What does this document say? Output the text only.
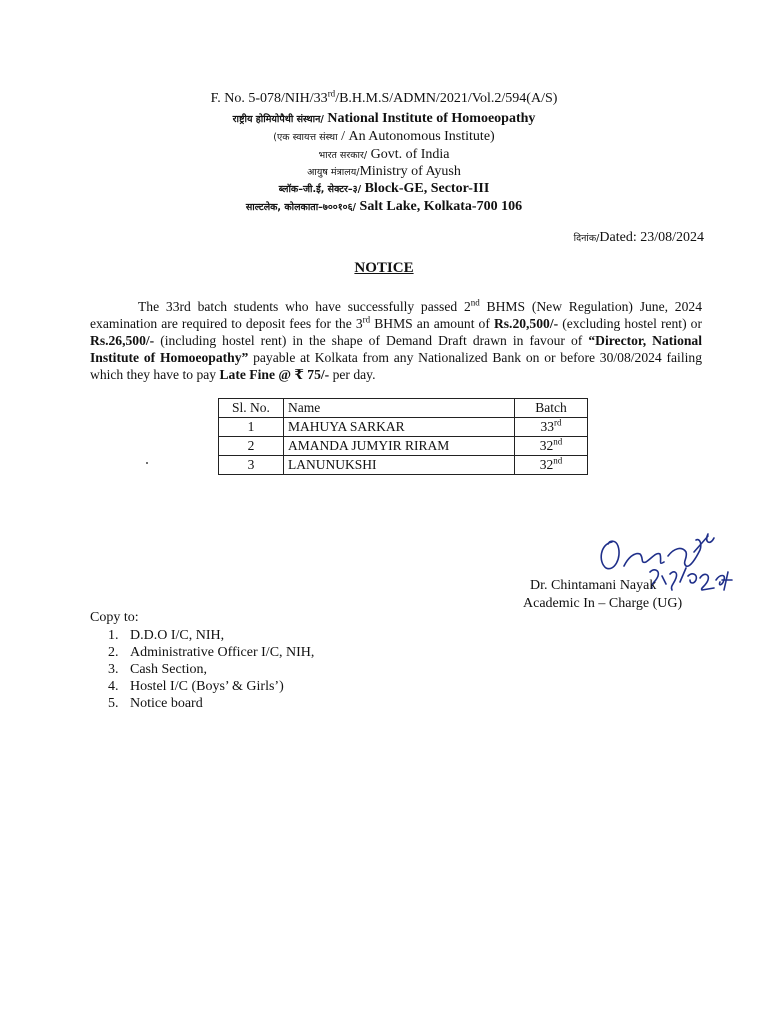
F. No. 5-078/NIH/33rd/B.H.M.S/ADMN/2021/Vol.2/594(A/S)
राष्ट्रीय होमियोपैथी संस्थान/ National Institute of Homoeopathy
(एक स्वायत्त संस्था / An Autonomous Institute)
भारत सरकार/ Govt. of India
आयुष मंत्रालय/Ministry of Ayush
ब्लॉक–जी.ई, सेक्टर–३/ Block-GE, Sector-III
साल्टलेक, कोलकाता–७००१०६/ Salt Lake, Kolkata-700 106
दिनांक/Dated: 23/08/2024
NOTICE
The 33rd batch students who have successfully passed 2nd BHMS (New Regulation) June, 2024 examination are required to deposit fees for the 3rd BHMS an amount of Rs.20,500/- (excluding hostel rent) or Rs.26,500/- (including hostel rent) in the shape of Demand Draft drawn in favour of “Director, National Institute of Homoeopathy” payable at Kolkata from any Nationalized Bank on or before 30/08/2024 failing which they have to pay Late Fine @ ₹ 75/- per day.
Sl. No.	Name	Batch
1	MAHUYA SARKAR	33rd
2	AMANDA JUMYIR RIRAM	32nd
3	LANUNUKSHI	32nd
Dr. Chintamani Nayak
Academic In – Charge (UG)
Copy to:
1. D.D.O I/C, NIH,
2. Administrative Officer I/C, NIH,
3. Cash Section,
4. Hostel I/C (Boys’ & Girls’)
5. Notice board
